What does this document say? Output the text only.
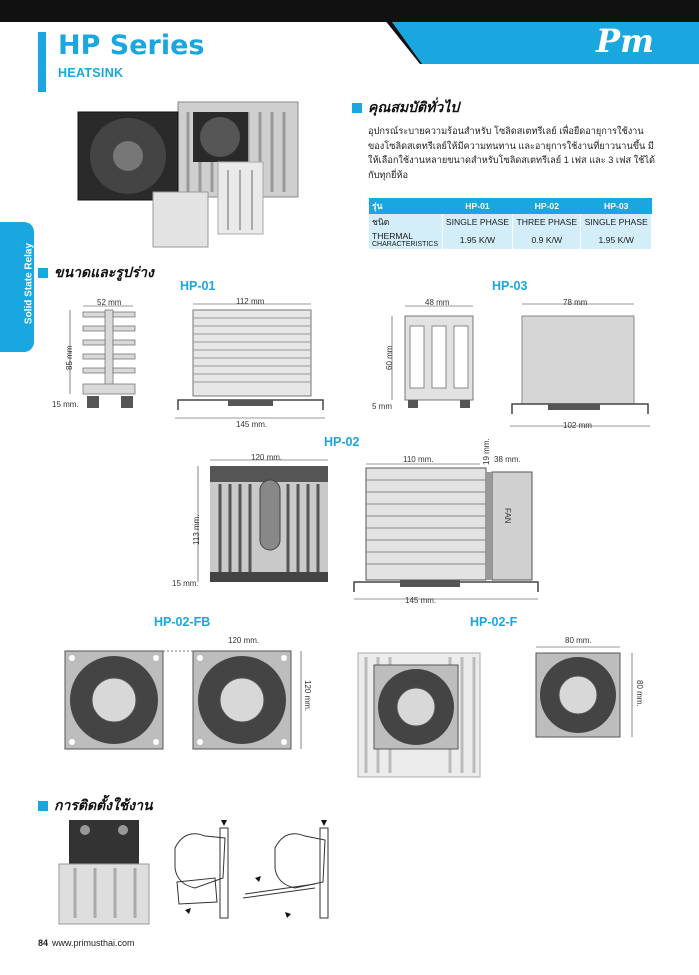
HP Series
HEATSINK
Pm
Solid State Relay
คุณสมบัติทั่วไป
อุปกรณ์ระบายความร้อนสำหรับ โซลิดสเตทรีเลย์ เพื่อยืดอายุการใช้งานของโซลิดสเตทรีเลย์ให้มีความทนทาน และอายุการใช้งานที่ยาวนานขึ้น มีให้เลือกใช้งานหลายขนาดสำหรับโซลิดสเตทรีเลย์ 1 เฟส และ 3 เฟส ใช้ได้กับทุกยี่ห้อ
รุ่น	HP-01	HP-02	HP-03
ชนิด	SINGLE PHASE	THREE PHASE	SINGLE PHASE

THERMAL
CHARACTERISTICS	1.95 K/W	0.9 K/W	1.95 K/W
ขนาดและรูปร่าง
HP-01
52 mm
85 mm
15 mm.
112 mm
145 mm.
HP-03
48 mm
60 mm
5 mm
78 mm
102 mm
HP-02
120 mm.
113 mm.
15 mm.
110 mm.	19 mm. 38 mm.
FAN
145 mm.
HP-02-FB
120 mm.
120 mm.
HP-02-F
80 mm.
80 mm.
การติดตั้งใช้งาน
84 www.primusthai.com
